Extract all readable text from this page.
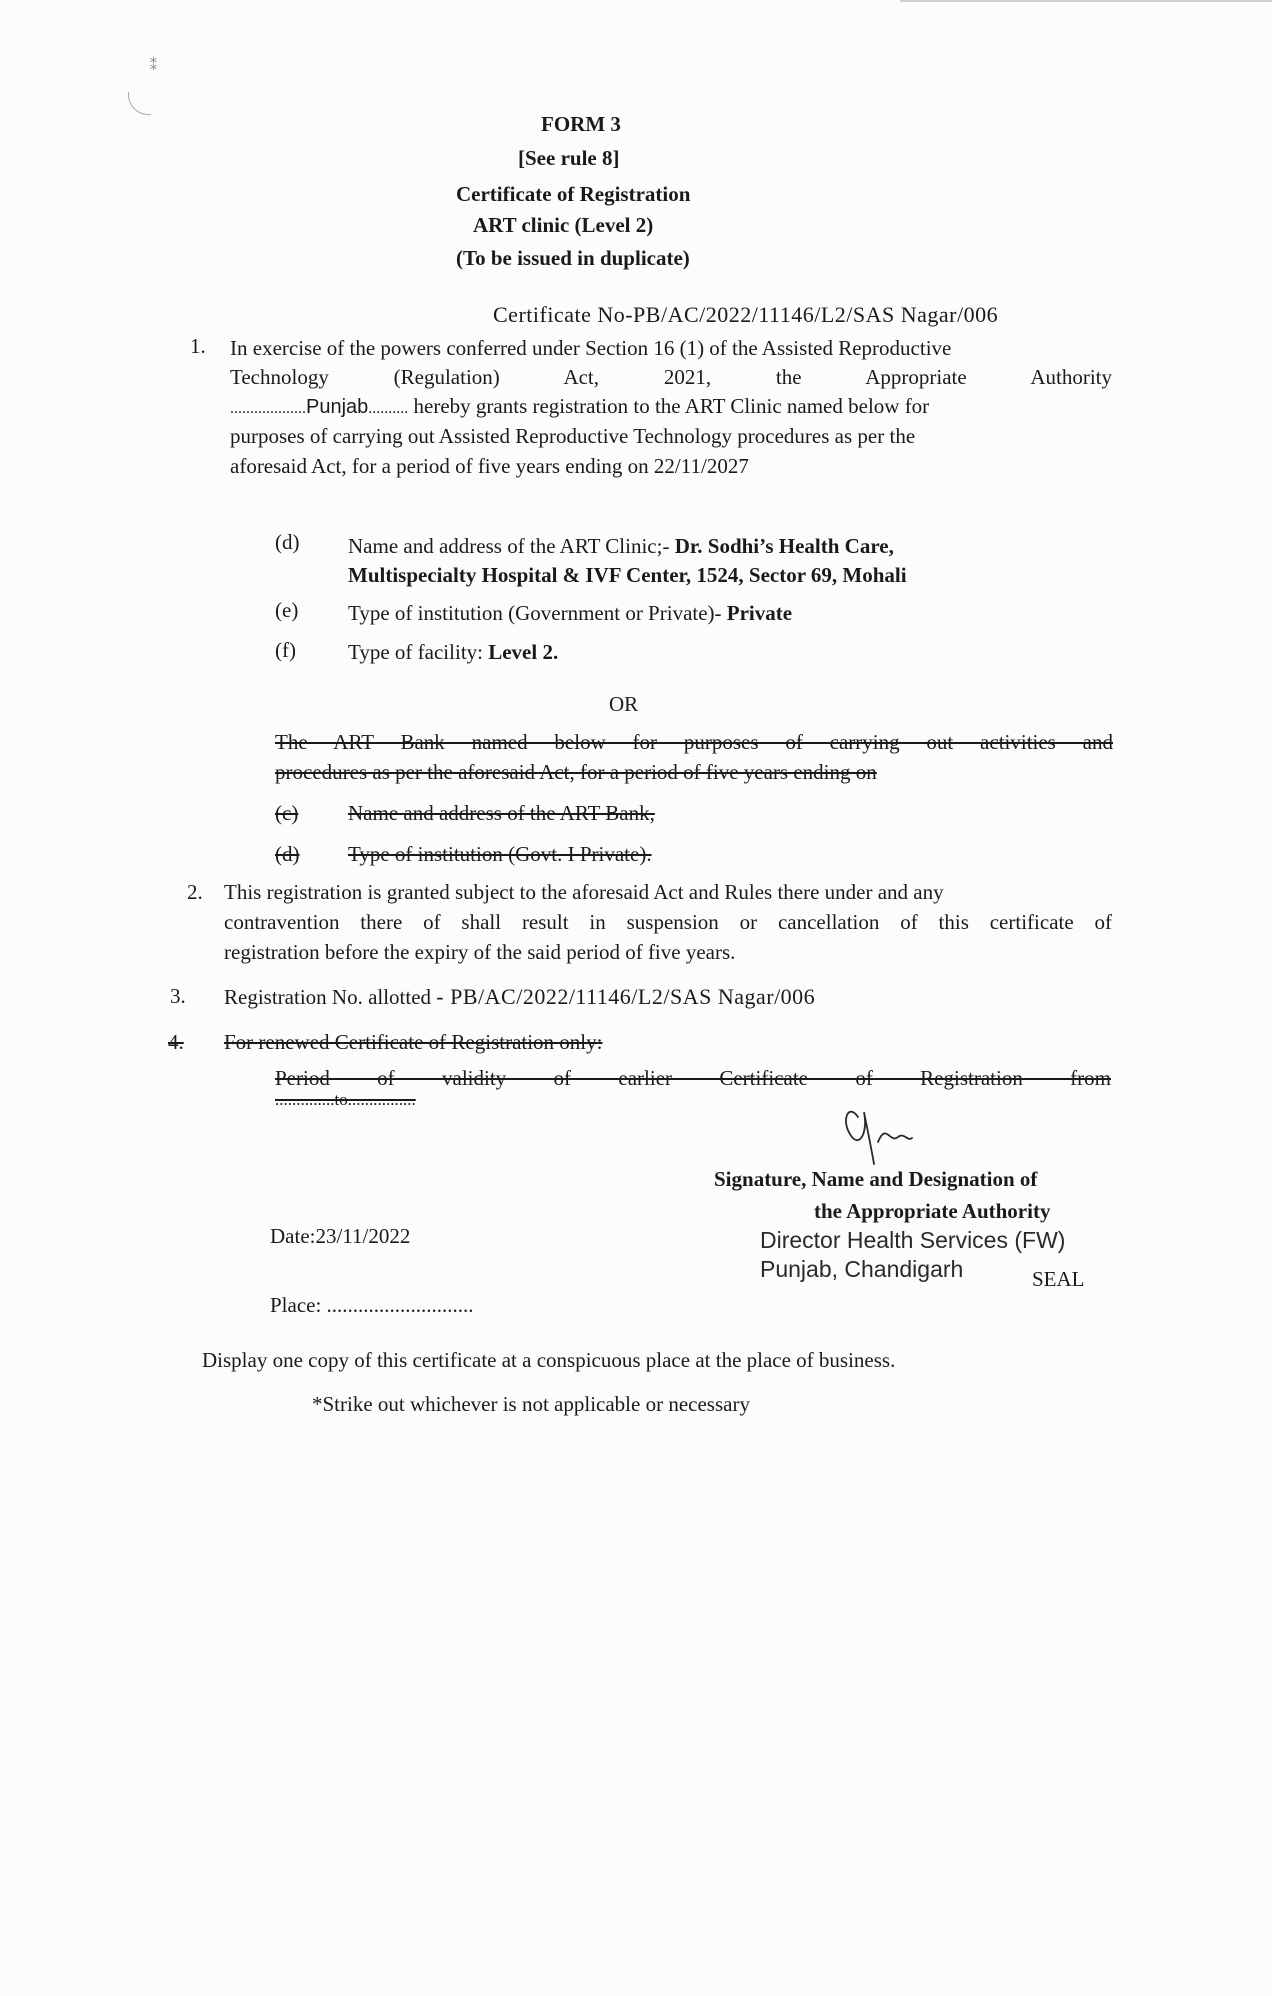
⁑
FORM 3
[See rule 8]
Certificate of Registration
ART clinic (Level 2)
(To be issued in duplicate)
Certificate No-PB/AC/2022/11146/L2/SAS Nagar/006
1. In exercise of the powers conferred under Section 16 (1) of the Assisted Reproductive
Technology (Regulation) Act, 2021, the Appropriate Authority
...................Punjab.......... hereby grants registration to the ART Clinic named below for
purposes of carrying out Assisted Reproductive Technology procedures as per the
aforesaid Act, for a period of five years ending on 22/11/2027
(d) Name and address of the ART Clinic;- Dr. Sodhi’s Health Care,
Multispecialty Hospital & IVF Center, 1524, Sector 69, Mohali
(e) Type of institution (Government or Private)- Private
(f) Type of facility: Level 2.
OR
The ART Bank named below for purposes of carrying out activities and
procedures as per the aforesaid Act, for a period of five years ending on
(c) Name and address of the ART Bank,
(d) Type of institution (Govt. I Private).
2. This registration is granted subject to the aforesaid Act and Rules there under and any
contravention there of shall result in suspension or cancellation of this certificate of
registration before the expiry of the said period of five years.
3. Registration No. allotted - PB/AC/2022/11146/L2/SAS Nagar/006
4. For renewed Certificate of Registration only:
Period of validity of earlier Certificate of Registration from
..............to................
Signature, Name and Designation of
the Appropriate Authority
Director Health Services (FW)
Punjab, Chandigarh	SEAL
Date:23/11/2022
Place: ............................
Display one copy of this certificate at a conspicuous place at the place of business.
*Strike out whichever is not applicable or necessary
